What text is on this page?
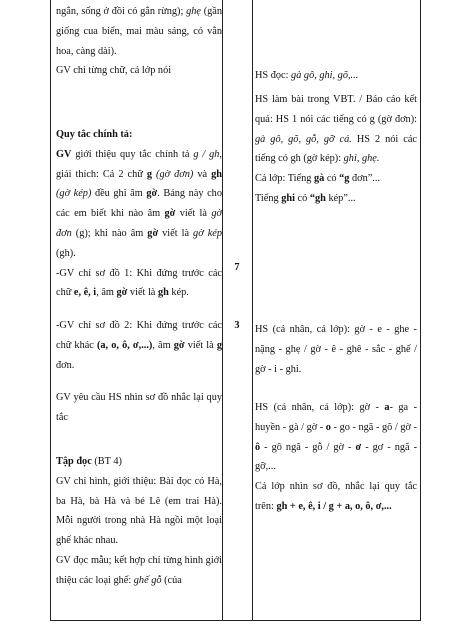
ngắn, sống ở đồi có gắn rừng); ghẹ (gần giống cua biển, mai màu sáng, có vằn hoa, càng dài).

GV chỉ từng chữ, cả lớp nói

Quy tắc chính tả:

GV giới thiệu quy tắc chính tả g / gh, giải thích: Cả 2 chữ g (gờ đơn) và gh (gờ kép) đều ghi âm gờ. Bảng này cho các em biết khi nào âm gờ viết là gờ đơn (g); khi nào âm gờ viết là gờ kép (gh).

-GV chỉ sơ đồ 1: Khi đứng trước các chữ e, ê, i, âm gờ viết là gh kép.

-GV chỉ sơ đồ 2: Khi đứng trước các chữ khác (a, o, ô, ơ,...), âm gờ viết là g đơn.

GV yêu cầu HS nhìn sơ đồ nhắc lại quy tắc

Tập đọc (BT 4)

GV chỉ hình, giới thiệu: Bài đọc có Hà, ba Hà, bà Hà và bé Lê (em trai Hà). Mỗi người trong nhà Hà ngồi một loại ghế khác nhau.

GV đọc mẫu; kết hợp chỉ từng hình giới thiệu các loại ghế: ghế gỗ (của

7

3

HS đọc: gà gô, ghi, gõ,...

HS làm bài trong VBT. / Báo cáo kết quả: HS 1 nói các tiếng có g (gờ đơn): gà gô, gõ, gỗ, gỡ cá. HS 2 nói các tiếng có gh (gờ kép): ghi, ghẹ.

Cả lớp: Tiếng gà có “g đơn”...

Tiếng ghi có “gh kép”...

HS (cá nhân, cả lớp): gờ - e - ghe - nặng - ghẹ / gờ - ê - ghê - sắc - ghế / gờ - i - ghi.

HS (cá nhân, cả lớp): gờ - a- ga - huyền - gà / gờ - o - go - ngã - gõ / gờ - ô - gô ngã - gỗ / gờ - ơ - gơ - ngã - gỡ,...

Cả lớp nhìn sơ đồ, nhắc lại quy tắc trên: gh + e, ê, i / g + a, o, ô, ơ,...
